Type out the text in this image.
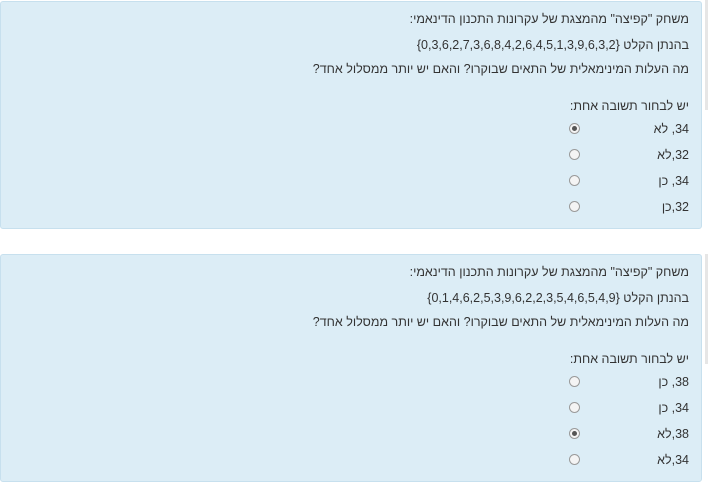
משחק "קפיצה" מהמצגת של עקרונות התכנון הדינאמי:
בהנתן הקלט {0,3,6,2,7,3,6,8,4,2,6,4,5,1,3,9,6,3,2}
מה העלות המינימאלית של התאים שבוקרו? והאם יש יותר ממסלול אחד?
יש לבחור תשובה אחת:
34, לא
32,לא
34, כן
32,כן
משחק "קפיצה" מהמצגת של עקרונות התכנון הדינאמי:
בהנתן הקלט {0,1,4,6,2,5,3,9,6,2,2,3,5,4,6,5,4,9}
מה העלות המינימאלית של התאים שבוקרו? והאם יש יותר ממסלול אחד?
יש לבחור תשובה אחת:
38, כן
34, כן
38,לא
34,לא
